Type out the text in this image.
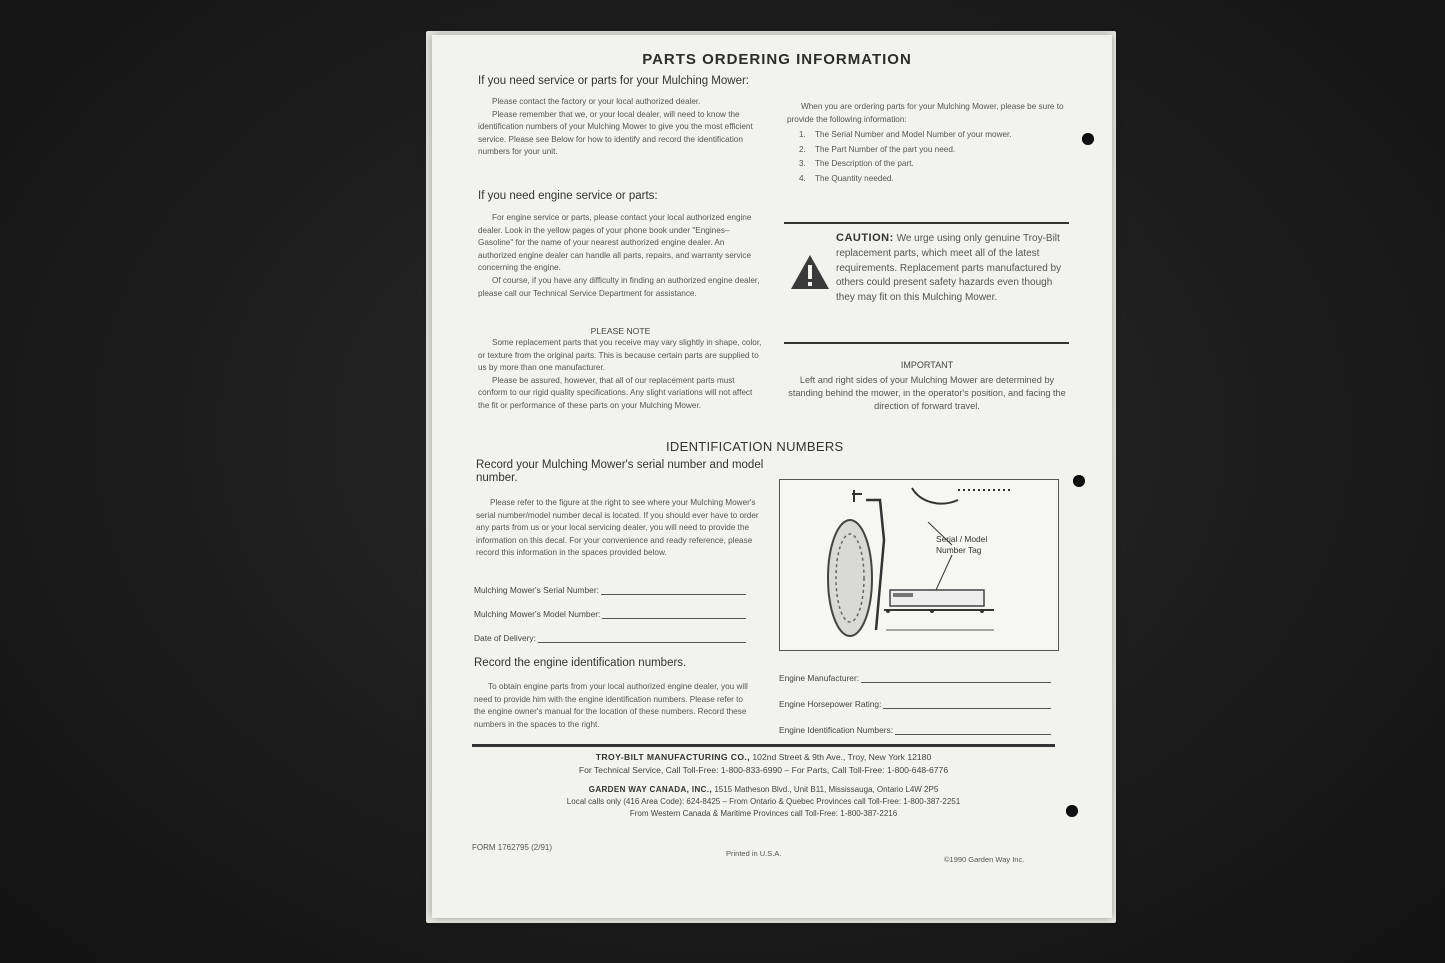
PARTS ORDERING INFORMATION
If you need service or parts for your Mulching Mower:

Please contact the factory or your local authorized dealer.

Please remember that we, or your local dealer, will need to know the identification numbers of your Mulching Mower to give you the most efficient service. Please see Below for how to identify and record the identification numbers for your unit.

When you are ordering parts for your Mulching Mower, please be sure to provide the following information:

1. The Serial Number and Model Number of your mower.
2. The Part Number of the part you need.
3. The Description of the part.
4. The Quantity needed.
If you need engine service or parts:

For engine service or parts, please contact your local authorized engine dealer. Look in the yellow pages of your phone book under "Engines–Gasoline" for the name of your nearest authorized engine dealer. An authorized engine dealer can handle all parts, repairs, and warranty service concerning the engine.

Of course, if you have any difficulty in finding an authorized engine dealer, please call our Technical Service Department for assistance.

CAUTION: We urge using only genuine Troy-Bilt replacement parts, which meet all of the latest requirements. Replacement parts manufactured by others could present safety hazards even though they may fit on this Mulching Mower.
PLEASE NOTE

Some replacement parts that you receive may vary slightly in shape, color, or texture from the original parts. This is because certain parts are supplied to us by more than one manufacturer.

Please be assured, however, that all of our replacement parts must conform to our rigid quality specifications. Any slight variations will not affect the fit or performance of these parts on your Mulching Mower.

IMPORTANT
Left and right sides of your Mulching Mower are determined by standing behind the mower, in the operator's position, and facing the direction of forward travel.
IDENTIFICATION NUMBERS
Record your Mulching Mower's serial number and model number.

Please refer to the figure at the right to see where your Mulching Mower's serial number/model number decal is located. If you should ever have to order any parts from us or your local servicing dealer, you will need to provide the information on this decal. For your convenience and ready reference, please record this information in the spaces provided below.

Mulching Mower's Serial Number:
Mulching Mower's Model Number:
Date of Delivery:
Record the engine identification numbers.

To obtain engine parts from your local authorized engine dealer, you will need to provide him with the engine identification numbers. Please refer to the engine owner's manual for the location of these numbers. Record these numbers in the spaces to the right.

Serial / Model
Number Tag
Engine Manufacturer:
Engine Horsepower Rating:
Engine Identification Numbers:
TROY-BILT MANUFACTURING CO., 102nd Street & 9th Ave., Troy, New York 12180
For Technical Service, Call Toll-Free: 1-800-833-6990 – For Parts, Call Toll-Free: 1-800-648-6776
GARDEN WAY CANADA, INC., 1515 Matheson Blvd., Unit B11, Mississauga, Ontario L4W 2P5
Local calls only (416 Area Code): 624-8425 – From Ontario & Quebec Provinces call Toll-Free: 1-800-387-2251
From Western Canada & Maritime Provinces call Toll-Free: 1-800-387-2216
FORM 1762795 (2/91)
Printed in U.S.A.
©1990 Garden Way Inc.
